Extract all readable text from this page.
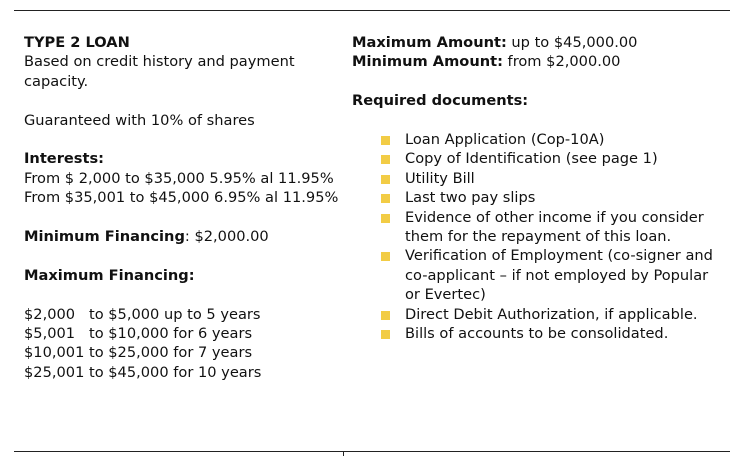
TYPE 2 LOAN
Based on credit history and payment capacity.
Guaranteed with 10% of shares
Interests:
From $ 2,000 to $35,000 5.95% al 11.95%
From $35,001 to $45,000 6.95% al 11.95%
Minimum Financing: $2,000.00
Maximum Financing:
$2,000   to $5,000 up to 5 years
$5,001   to $10,000 for 6 years
$10,001 to $25,000 for 7 years
$25,001 to $45,000 for 10 years
Maximum Amount: up to $45,000.00
Minimum Amount: from $2,000.00
Required documents:
Loan Application (Cop-10A)
Copy of Identification (see page 1)
Utility Bill
Last two pay slips
Evidence of other income if you consider them for the repayment of this loan.
Verification of Employment (co-signer and co-applicant – if not employed by Popular or Evertec)
Direct Debit Authorization, if applicable.
Bills of accounts to be consolidated.
